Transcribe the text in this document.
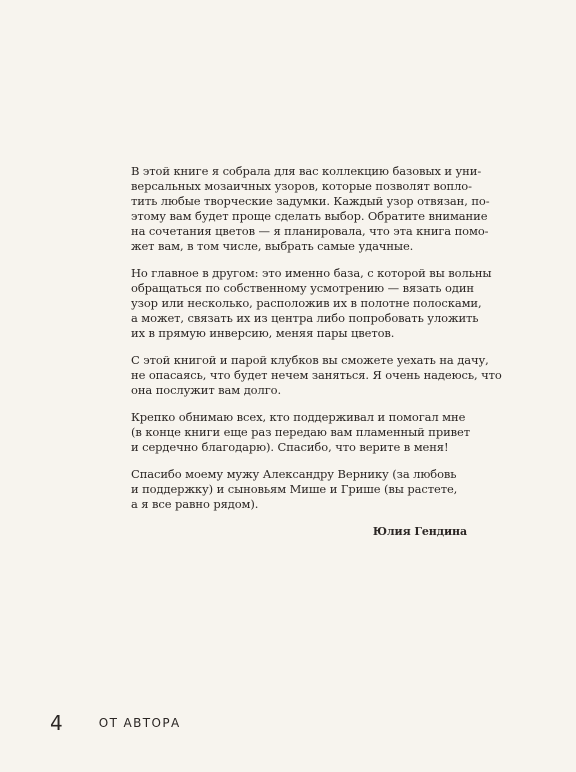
В этой книге я собрала для вас коллекцию базовых и уни-
версальных мозаичных узоров, которые позволят вопло-
тить любые творческие задумки. Каждый узор отвязан, по-
этому вам будет проще сделать выбор. Обратите внимание
на сочетания цветов — я планировала, что эта книга помо-
жет вам, в том числе, выбрать самые удачные.

Но главное в другом: это именно база, с которой вы вольны
обращаться по собственному усмотрению — вязать один
узор или несколько, расположив их в полотне полосками,
а может, связать их из центра либо попробовать уложить
их в прямую инверсию, меняя пары цветов.

С этой книгой и парой клубков вы сможете уехать на дачу,
не опасаясь, что будет нечем заняться. Я очень надеюсь, что
она послужит вам долго.

Крепко обнимаю всех, кто поддерживал и помогал мне
(в конце книги еще раз передаю вам пламенный привет
и сердечно благодарю). Спасибо, что верите в меня!

Спасибо моему мужу Александру Вернику (за любовь
и поддержку) и сыновьям Мише и Грише (вы растете,
а я все равно рядом).

Юлия Гендина
4	ОТ АВТОРА
